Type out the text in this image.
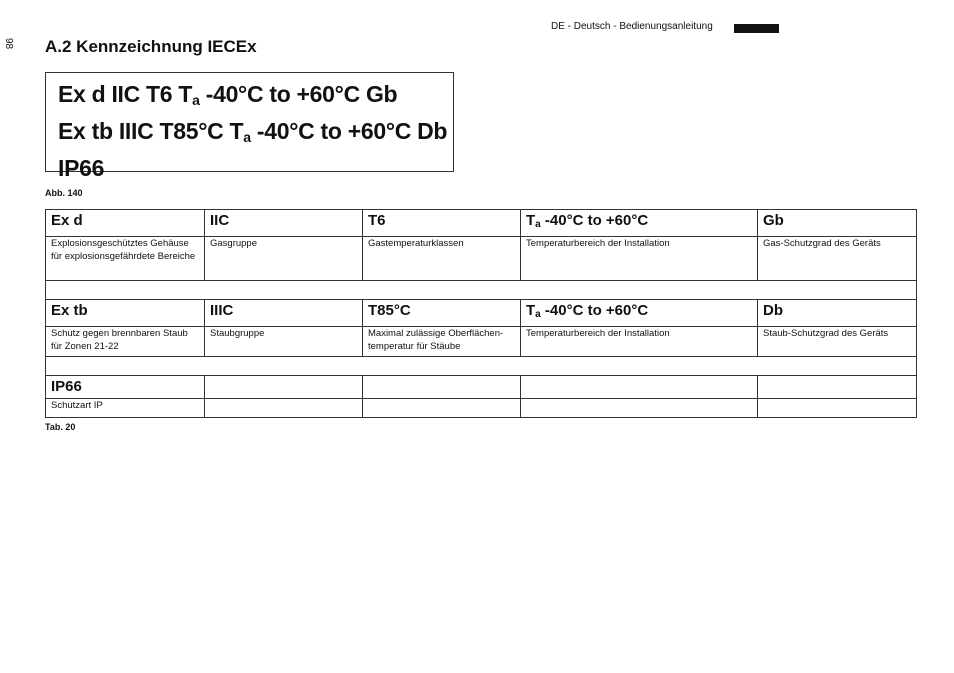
98
DE - Deutsch - Bedienungsanleitung
A.2 Kennzeichnung IECEx
Ex d IIC T6 $T_a$ -40°C to +60°C Gb
Ex tb IIIC T85°C $T_a$ -40°C to +60°C Db
IP66
Abb. 140
Ex d	IIC	T6	$T_a$ -40°C to +60°C	Gb
Explosionsgeschütztes Gehäuse für explosionsgefährdete Bereiche	Gasgruppe	Gastemperaturklassen	Temperaturbereich der Installation	Gas-Schutzgrad des Geräts

Ex tb	IIIC	T85°C	$T_a$ -40°C to +60°C	Db
Schutz gegen brennbaren Staub für Zonen 21-22	Staubgruppe	Maximal zulässige Oberflächen-temperatur für Stäube	Temperaturbereich der Installation	Staub-Schutzgrad des Geräts

IP66				
Schutzart IP				
Tab. 20
